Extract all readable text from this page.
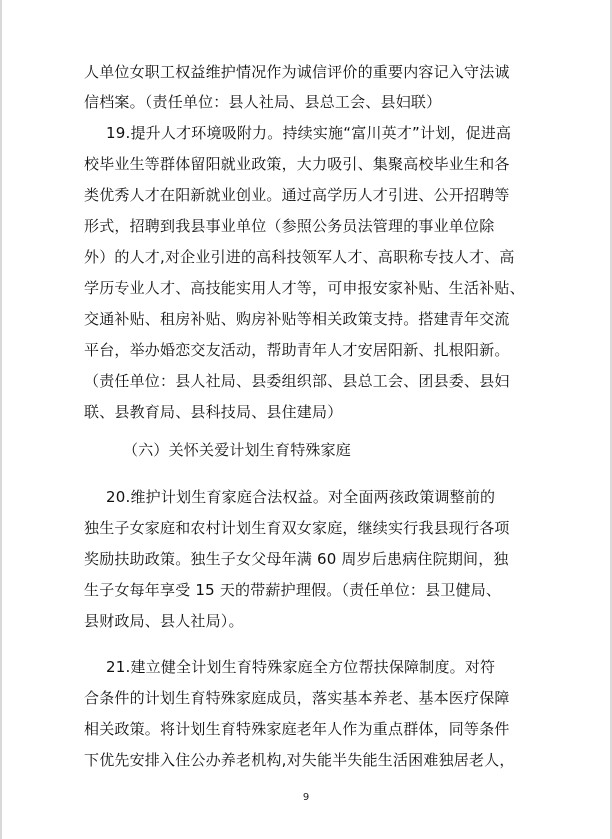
人单位女职工权益维护情况作为诚信评价的重要内容记入守法诚
信档案。（责任单位：县人社局、县总工会、县妇联）
19.提升人才环境吸附力。持续实施“富川英才”计划，促进高
校毕业生等群体留阳就业政策，大力吸引、集聚高校毕业生和各
类优秀人才在阳新就业创业。通过高学历人才引进、公开招聘等
形式，招聘到我县事业单位（参照公务员法管理的事业单位除
外）的人才,对企业引进的高科技领军人才、高职称专技人才、高
学历专业人才、高技能实用人才等，可申报安家补贴、生活补贴、
交通补贴、租房补贴、购房补贴等相关政策支持。搭建青年交流
平台，举办婚恋交友活动，帮助青年人才安居阳新、扎根阳新。
（责任单位：县人社局、县委组织部、县总工会、团县委、县妇
联、县教育局、县科技局、县住建局）
（六）关怀关爱计划生育特殊家庭
20.维护计划生育家庭合法权益。对全面两孩政策调整前的
独生子女家庭和农村计划生育双女家庭，继续实行我县现行各项
奖励扶助政策。独生子女父母年满 60 周岁后患病住院期间，独
生子女每年享受 15 天的带薪护理假。（责任单位：县卫健局、
县财政局、县人社局）。
21.建立健全计划生育特殊家庭全方位帮扶保障制度。对符
合条件的计划生育特殊家庭成员，落实基本养老、基本医疗保障
相关政策。将计划生育特殊家庭老年人作为重点群体，同等条件
下优先安排入住公办养老机构,对失能半失能生活困难独居老人，
9
